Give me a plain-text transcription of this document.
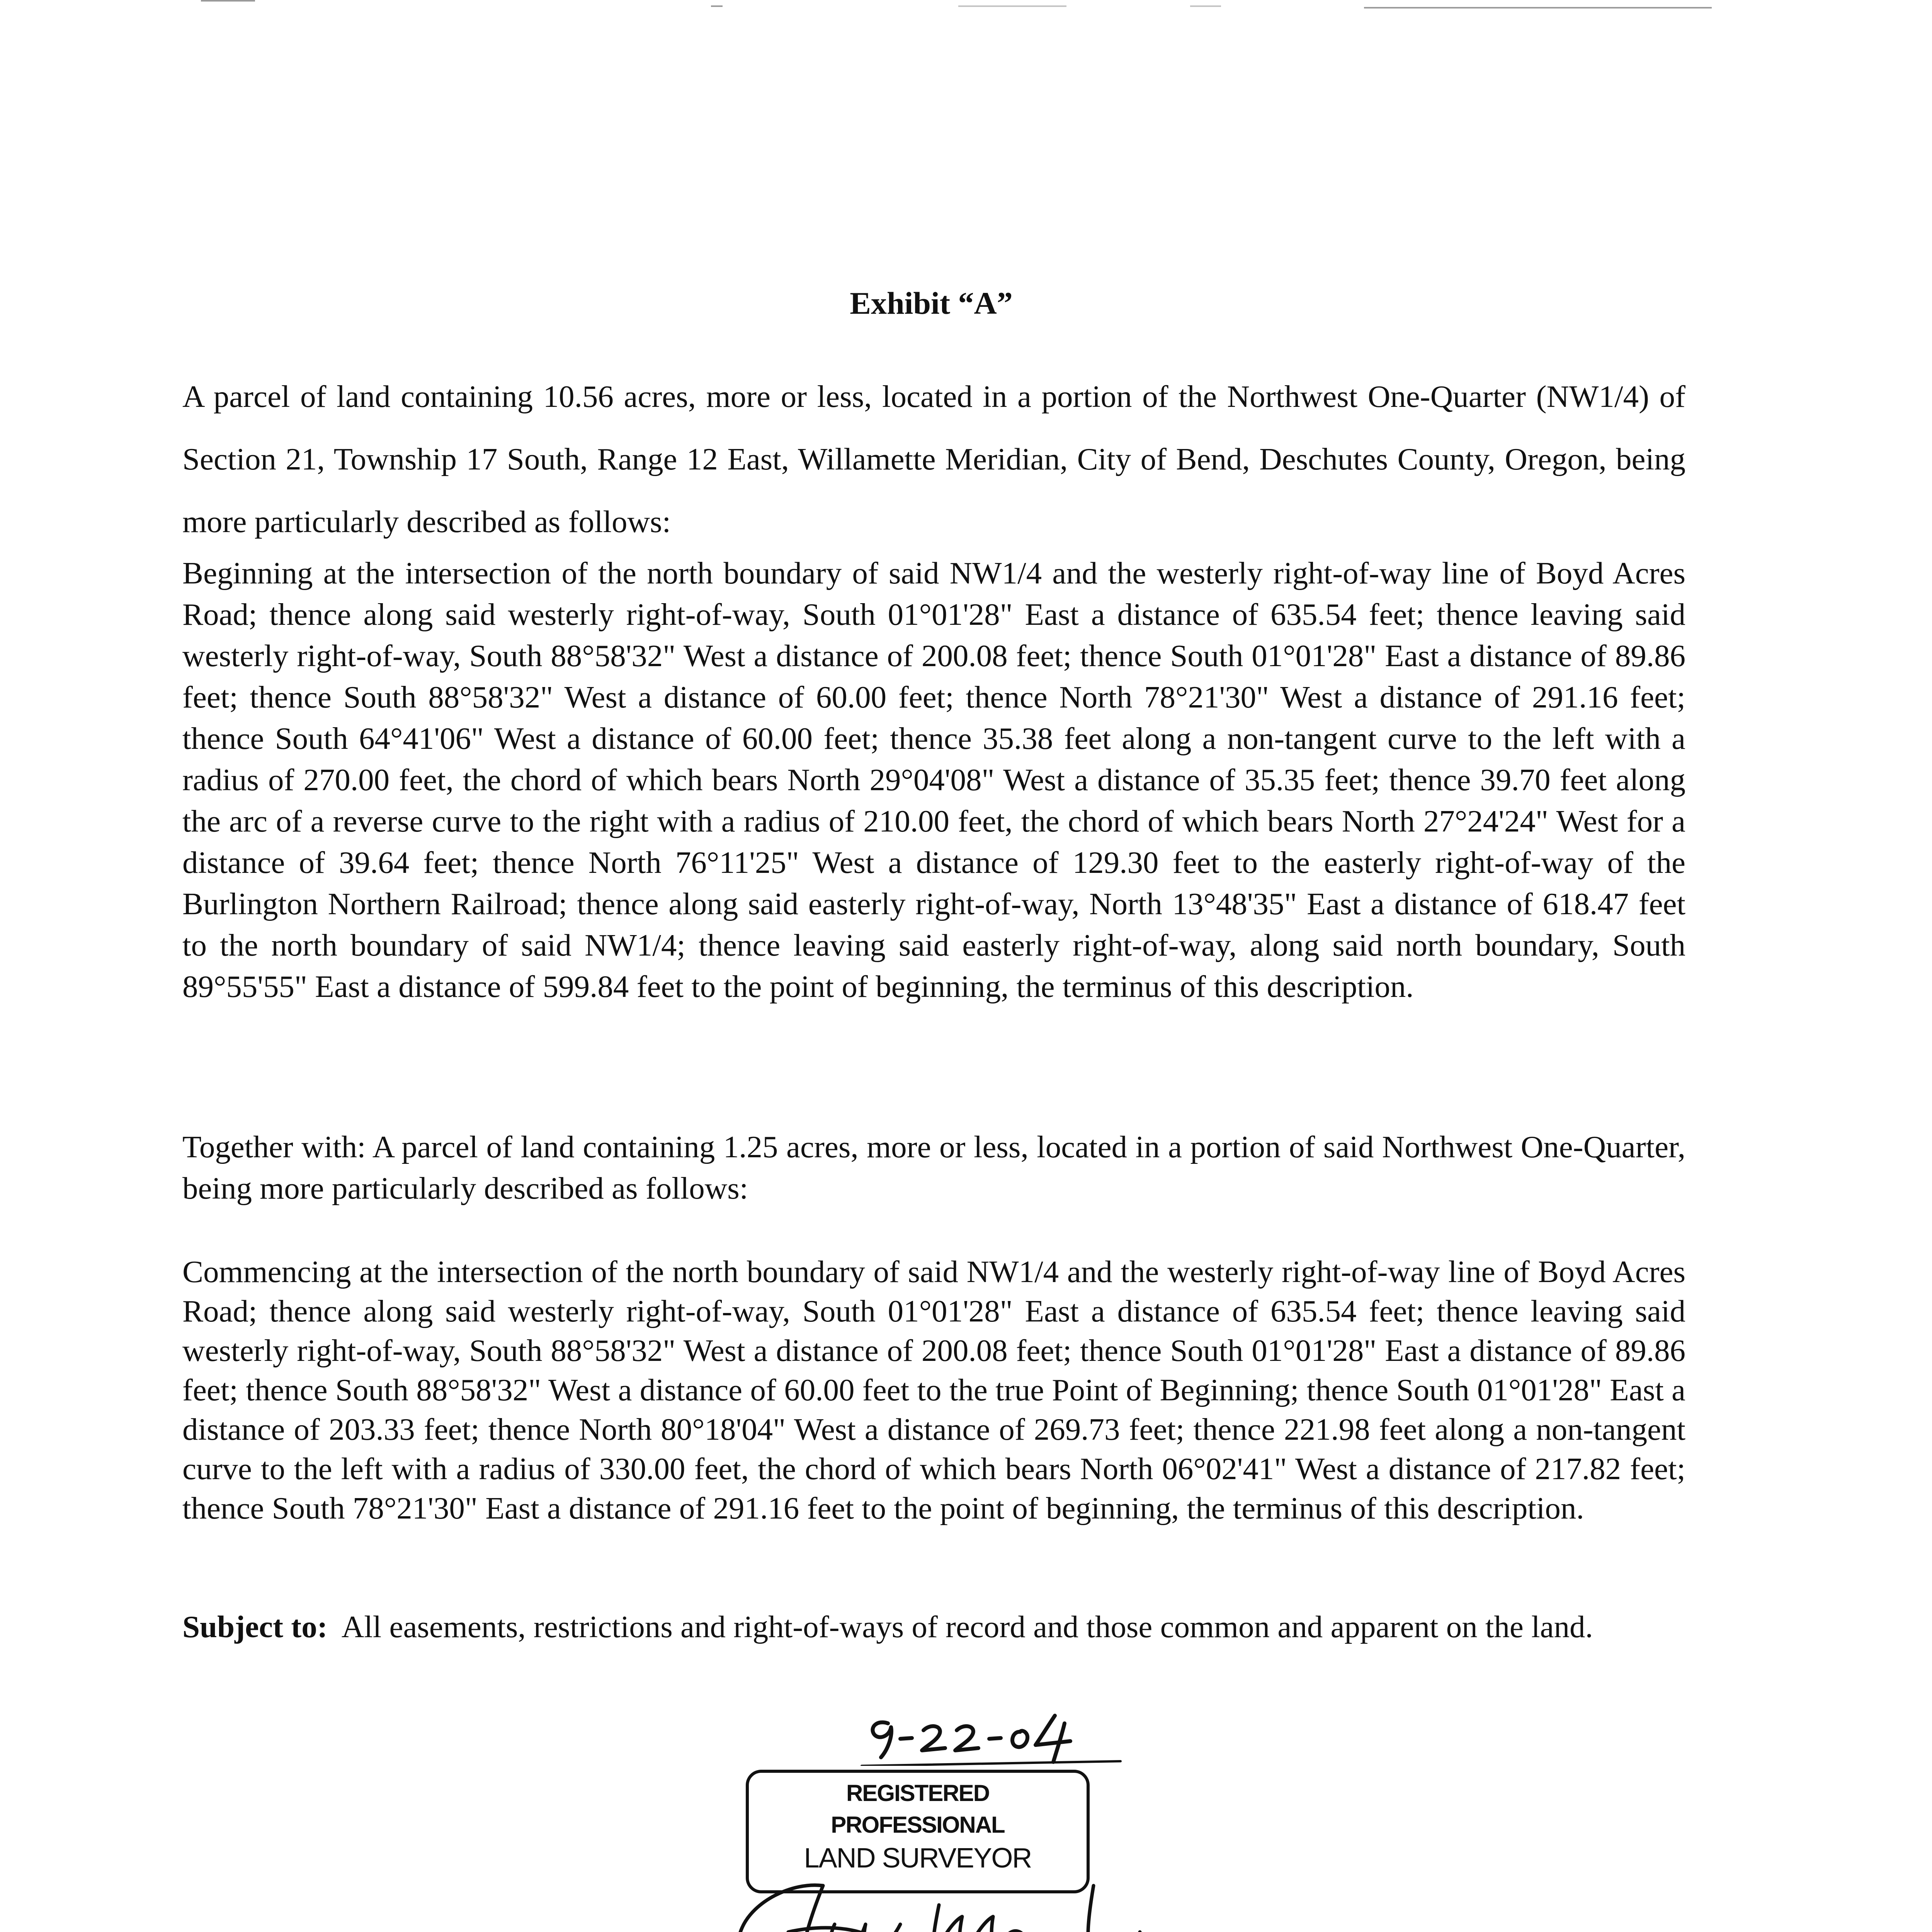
Exhibit “A”

A parcel of land containing 10.56 acres, more or less, located in a portion of the Northwest One-Quarter (NW1/4) of Section 21, Township 17 South, Range 12 East, Willamette Meridian, City of Bend, Deschutes County, Oregon, being more particularly described as follows:

Beginning at the intersection of the north boundary of said NW1/4 and the westerly right-of-way line of Boyd Acres Road; thence along said westerly right-of-way, South 01°01'28" East a distance of 635.54 feet; thence leaving said westerly right-of-way, South 88°58'32" West a distance of 200.08 feet; thence South 01°01'28" East a distance of 89.86 feet; thence South 88°58'32" West a distance of 60.00 feet; thence North 78°21'30" West a distance of 291.16 feet; thence South 64°41'06" West a distance of 60.00 feet; thence 35.38 feet along a non-tangent curve to the left with a radius of 270.00 feet, the chord of which bears North 29°04'08" West a distance of 35.35 feet; thence 39.70 feet along the arc of a reverse curve to the right with a radius of 210.00 feet, the chord of which bears North 27°24'24" West for a distance of 39.64 feet; thence North 76°11'25" West a distance of 129.30 feet to the easterly right-of-way of the Burlington Northern Railroad; thence along said easterly right-of-way, North 13°48'35" East a distance of 618.47 feet to the north boundary of said NW1/4; thence leaving said easterly right-of-way, along said north boundary, South 89°55'55" East a distance of 599.84 feet to the point of beginning, the terminus of this description.

Together with: A parcel of land containing 1.25 acres, more or less, located in a portion of said Northwest One-Quarter, being more particularly described as follows:

Commencing at the intersection of the north boundary of said NW1/4 and the westerly right-of-way line of Boyd Acres Road; thence along said westerly right-of-way, South 01°01'28" East a distance of 635.54 feet; thence leaving said westerly right-of-way, South 88°58'32" West a distance of 200.08 feet; thence South 01°01'28" East a distance of 89.86 feet; thence South 88°58'32" West a distance of 60.00 feet to the true Point of Beginning; thence South 01°01'28" East a distance of 203.33 feet; thence North 80°18'04" West a distance of 269.73 feet; thence 221.98 feet along a non-tangent curve to the left with a radius of 330.00 feet, the chord of which bears North 06°02'41" West a distance of 217.82 feet; thence South 78°21'30" East a distance of 291.16 feet to the point of beginning, the terminus of this description.

Subject to: All easements, restrictions and right-of-ways of record and those common and apparent on the land.

REGISTERED
PROFESSIONAL
LAND SURVEYOR
